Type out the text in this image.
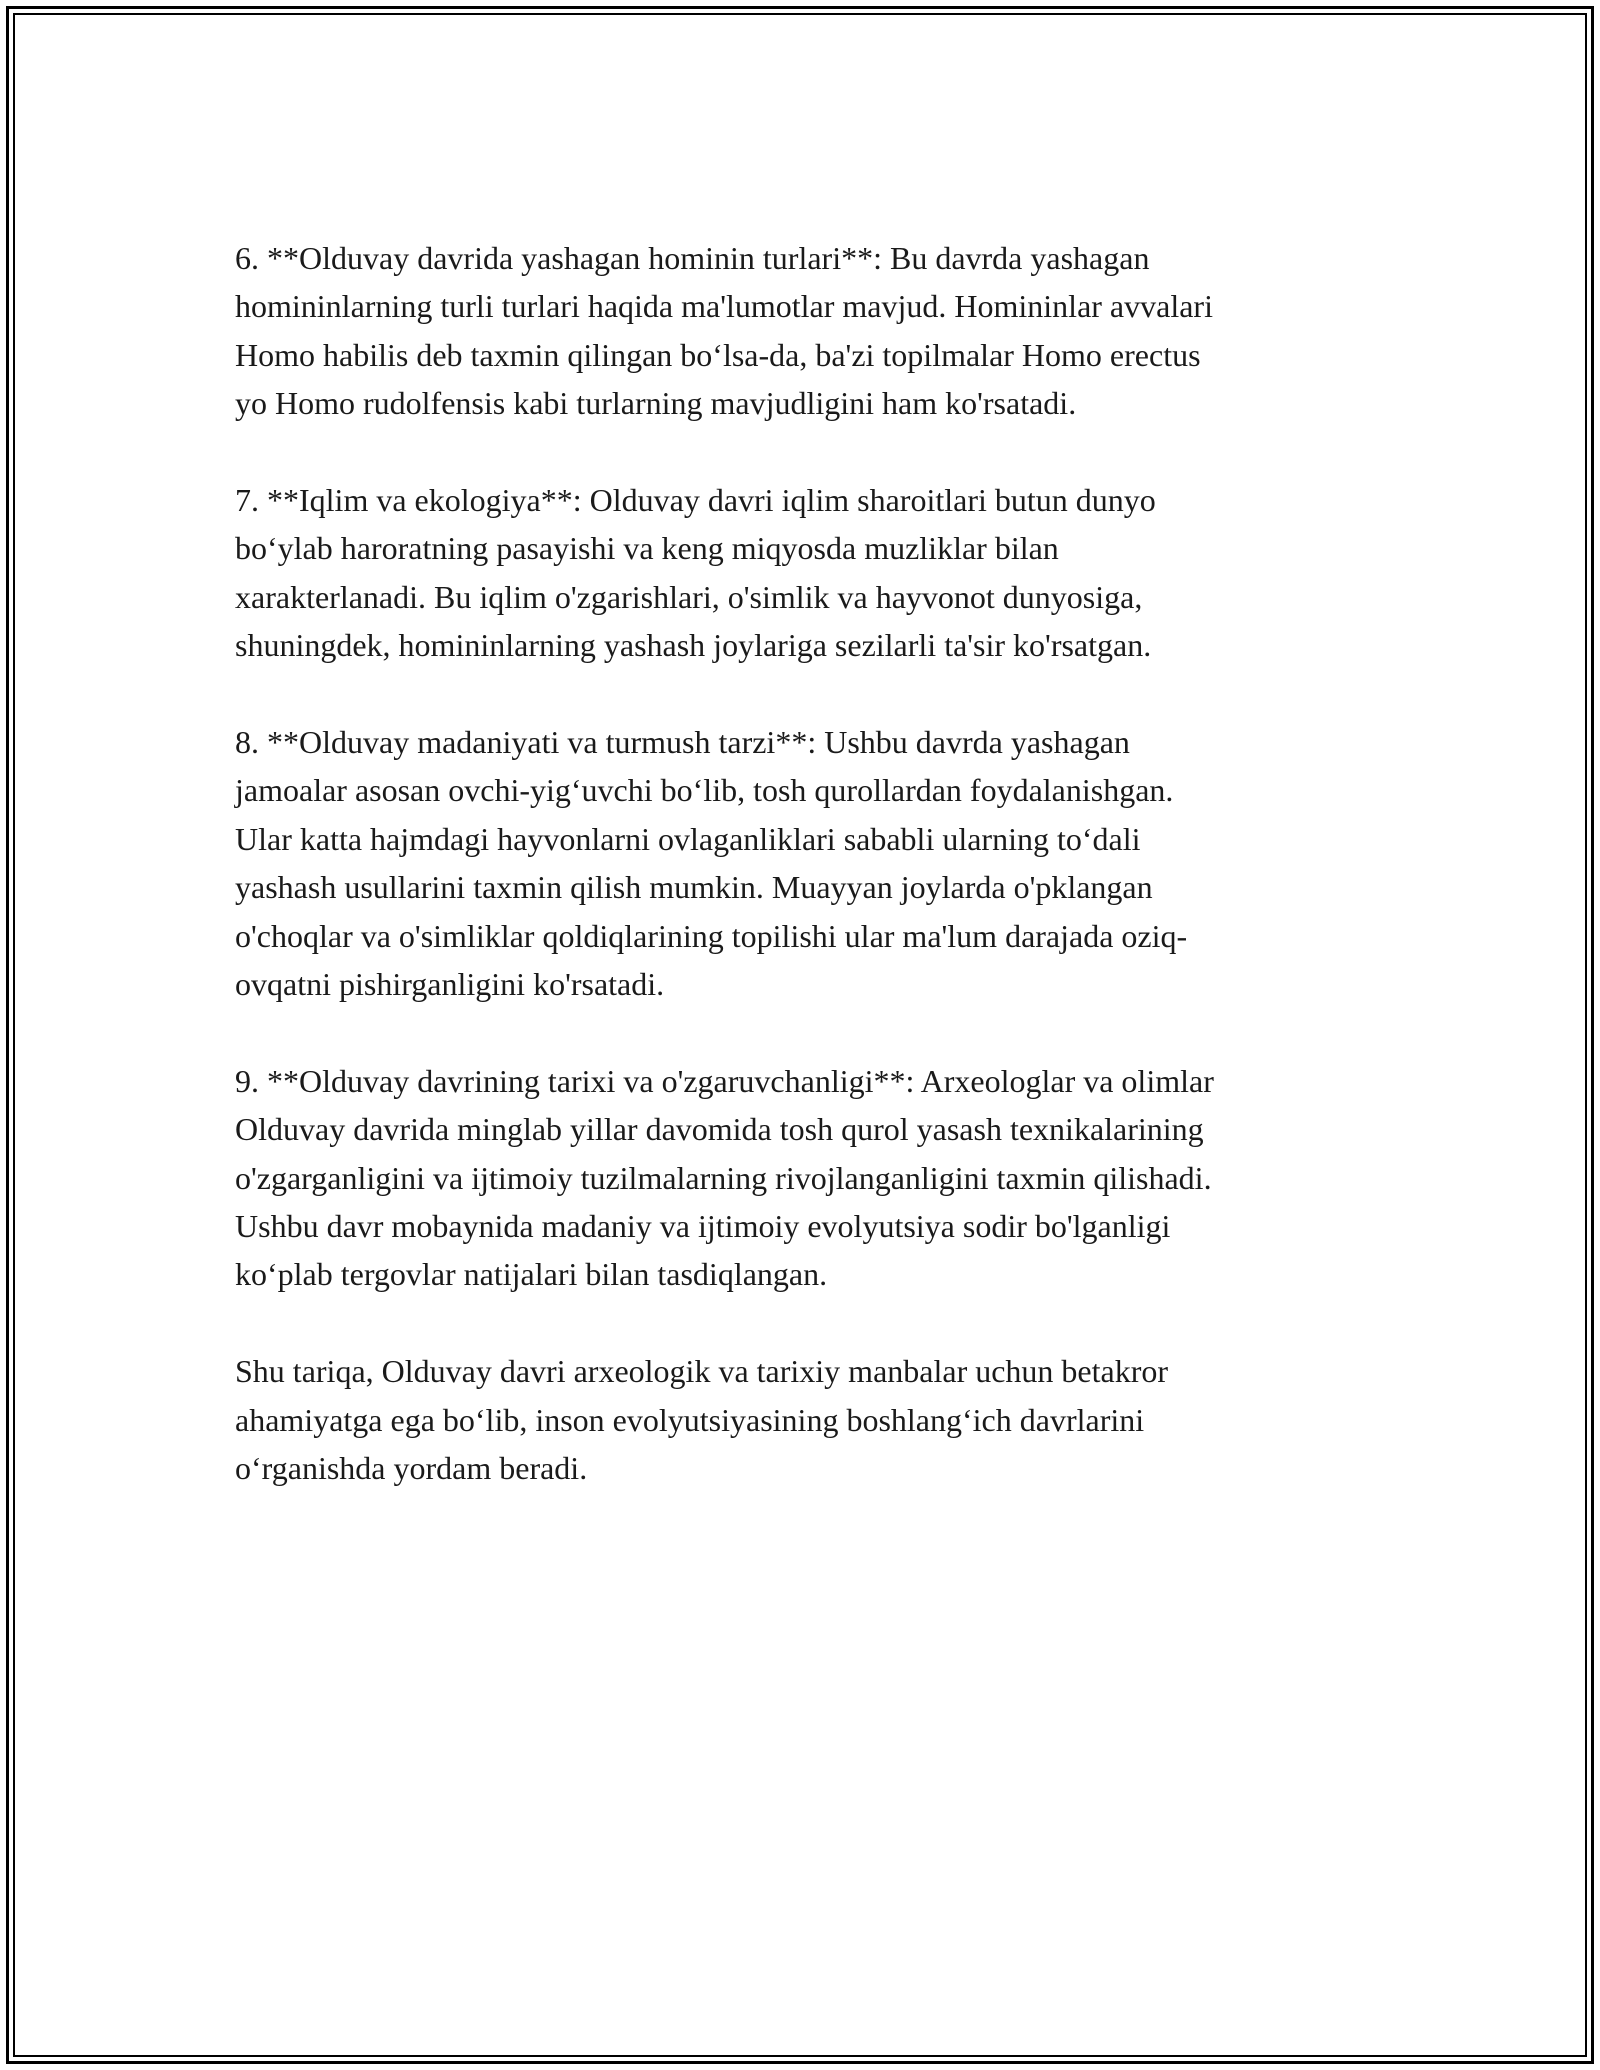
6. **Olduvay davrida yashagan hominin turlari**: Bu davrda yashagan
homininlarning turli turlari haqida ma'lumotlar mavjud. Homininlar avvalari
Homo habilis deb taxmin qilingan bo‘lsa-da, ba'zi topilmalar Homo erectus
yo Homo rudolfensis kabi turlarning mavjudligini ham ko'rsatadi.

7. **Iqlim va ekologiya**: Olduvay davri iqlim sharoitlari butun dunyo
bo‘ylab haroratning pasayishi va keng miqyosda muzliklar bilan
xarakterlanadi. Bu iqlim o'zgarishlari, o'simlik va hayvonot dunyosiga,
shuningdek, homininlarning yashash joylariga sezilarli ta'sir ko'rsatgan.

8. **Olduvay madaniyati va turmush tarzi**: Ushbu davrda yashagan
jamoalar asosan ovchi-yig‘uvchi bo‘lib, tosh qurollardan foydalanishgan.
Ular katta hajmdagi hayvonlarni ovlaganliklari sababli ularning to‘dali
yashash usullarini taxmin qilish mumkin. Muayyan joylarda o'pklangan
o'choqlar va o'simliklar qoldiqlarining topilishi ular ma'lum darajada oziq-
ovqatni pishirganligini ko'rsatadi.

9. **Olduvay davrining tarixi va o'zgaruvchanligi**: Arxeologlar va olimlar
Olduvay davrida minglab yillar davomida tosh qurol yasash texnikalarining
o'zgarganligini va ijtimoiy tuzilmalarning rivojlanganligini taxmin qilishadi.
Ushbu davr mobaynida madaniy va ijtimoiy evolyutsiya sodir bo'lganligi
ko‘plab tergovlar natijalari bilan tasdiqlangan.

Shu tariqa, Olduvay davri arxeologik va tarixiy manbalar uchun betakror
ahamiyatga ega bo‘lib, inson evolyutsiyasining boshlang‘ich davrlarini
o‘rganishda yordam beradi.
